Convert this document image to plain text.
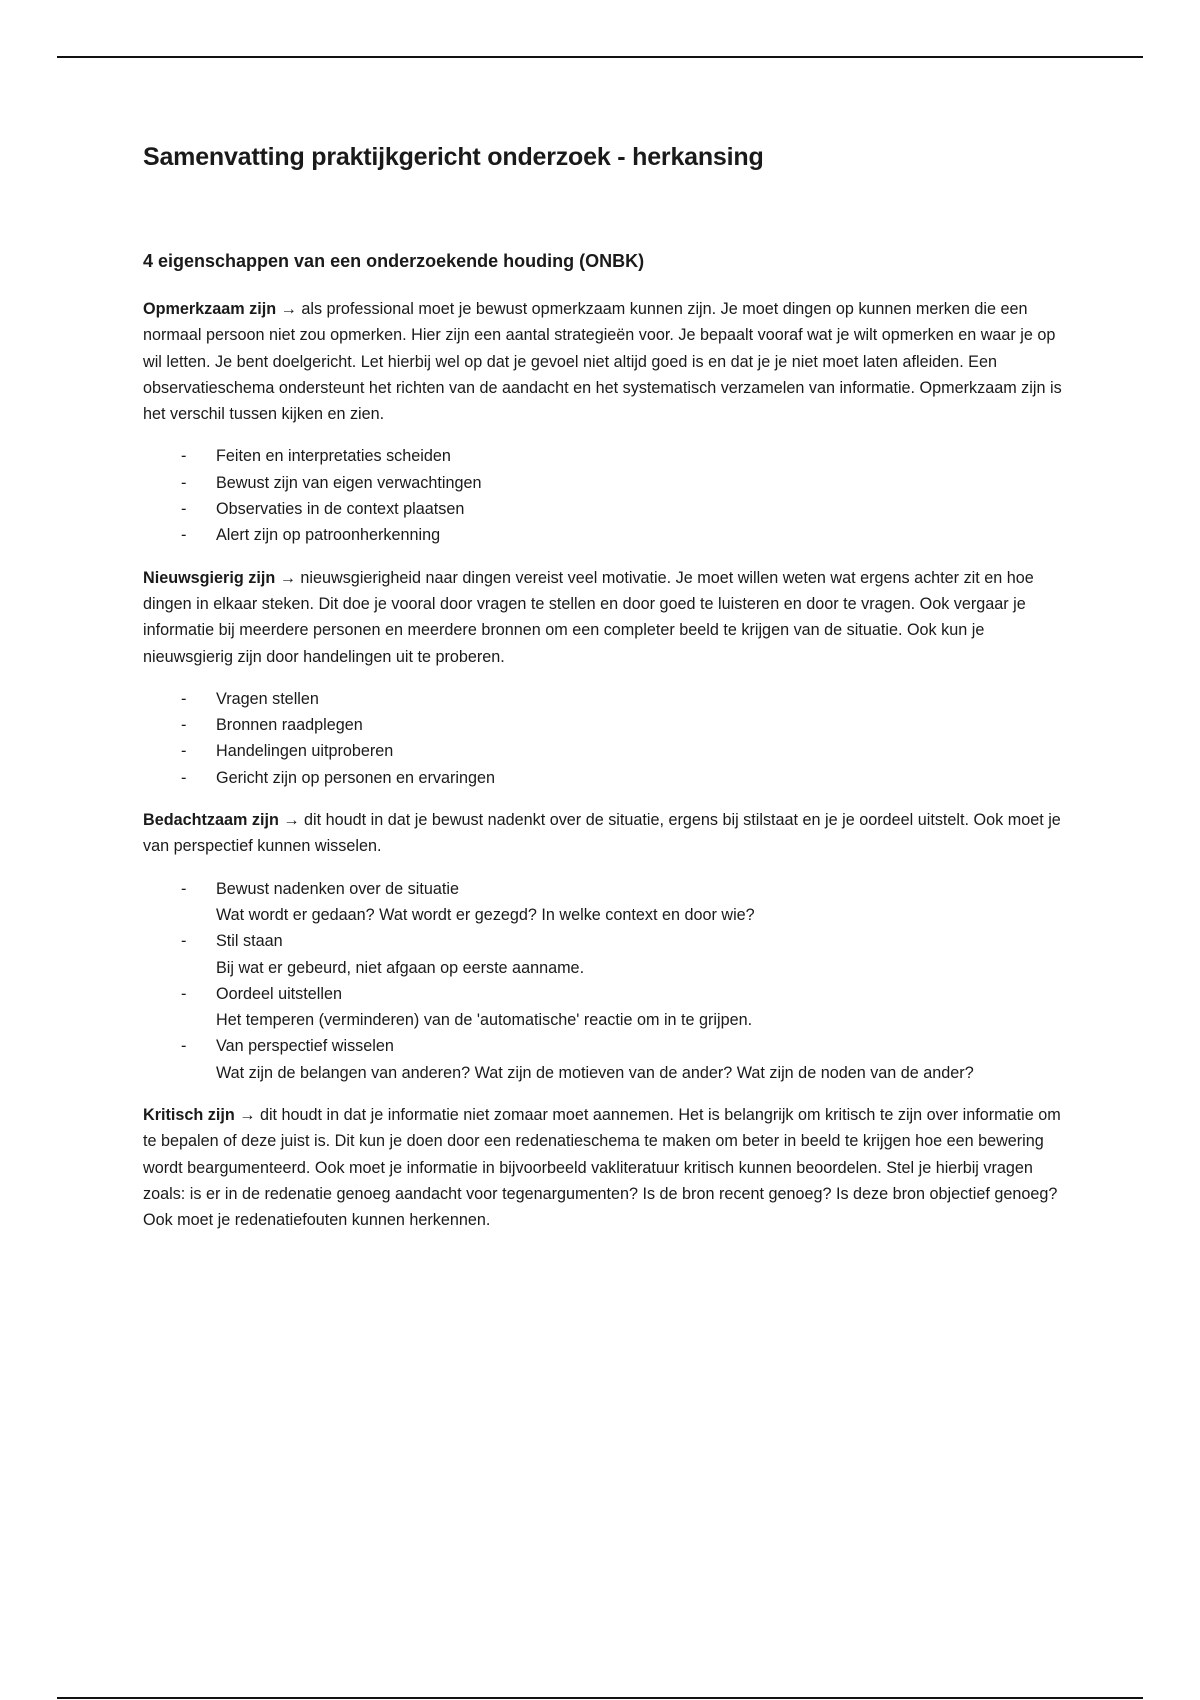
Samenvatting praktijkgericht onderzoek - herkansing
4 eigenschappen van een onderzoekende houding (ONBK)

Opmerkzaam zijn → als professional moet je bewust opmerkzaam kunnen zijn. Je moet dingen op kunnen merken die een normaal persoon niet zou opmerken. Hier zijn een aantal strategieën voor. Je bepaalt vooraf wat je wilt opmerken en waar je op wil letten. Je bent doelgericht. Let hierbij wel op dat je gevoel niet altijd goed is en dat je je niet moet laten afleiden. Een observatieschema ondersteunt het richten van de aandacht en het systematisch verzamelen van informatie. Opmerkzaam zijn is het verschil tussen kijken en zien.

- Feiten en interpretaties scheiden
- Bewust zijn van eigen verwachtingen
- Observaties in de context plaatsen
- Alert zijn op patroonherkenning

Nieuwsgierig zijn → nieuwsgierigheid naar dingen vereist veel motivatie. Je moet willen weten wat ergens achter zit en hoe dingen in elkaar steken. Dit doe je vooral door vragen te stellen en door goed te luisteren en door te vragen. Ook vergaar je informatie bij meerdere personen en meerdere bronnen om een completer beeld te krijgen van de situatie. Ook kun je nieuwsgierig zijn door handelingen uit te proberen.

- Vragen stellen
- Bronnen raadplegen
- Handelingen uitproberen
- Gericht zijn op personen en ervaringen

Bedachtzaam zijn → dit houdt in dat je bewust nadenkt over de situatie, ergens bij stilstaat en je je oordeel uitstelt. Ook moet je van perspectief kunnen wisselen.

- Bewust nadenken over de situatie
Wat wordt er gedaan? Wat wordt er gezegd? In welke context en door wie?
- Stil staan
Bij wat er gebeurd, niet afgaan op eerste aanname.
- Oordeel uitstellen
Het temperen (verminderen) van de 'automatische' reactie om in te grijpen.
- Van perspectief wisselen
Wat zijn de belangen van anderen? Wat zijn de motieven van de ander? Wat zijn de noden van de ander?

Kritisch zijn → dit houdt in dat je informatie niet zomaar moet aannemen. Het is belangrijk om kritisch te zijn over informatie om te bepalen of deze juist is. Dit kun je doen door een redenatieschema te maken om beter in beeld te krijgen hoe een bewering wordt beargumenteerd. Ook moet je informatie in bijvoorbeeld vakliteratuur kritisch kunnen beoordelen. Stel je hierbij vragen zoals: is er in de redenatie genoeg aandacht voor tegenargumenten? Is de bron recent genoeg? Is deze bron objectief genoeg? Ook moet je redenatiefouten kunnen herkennen.
